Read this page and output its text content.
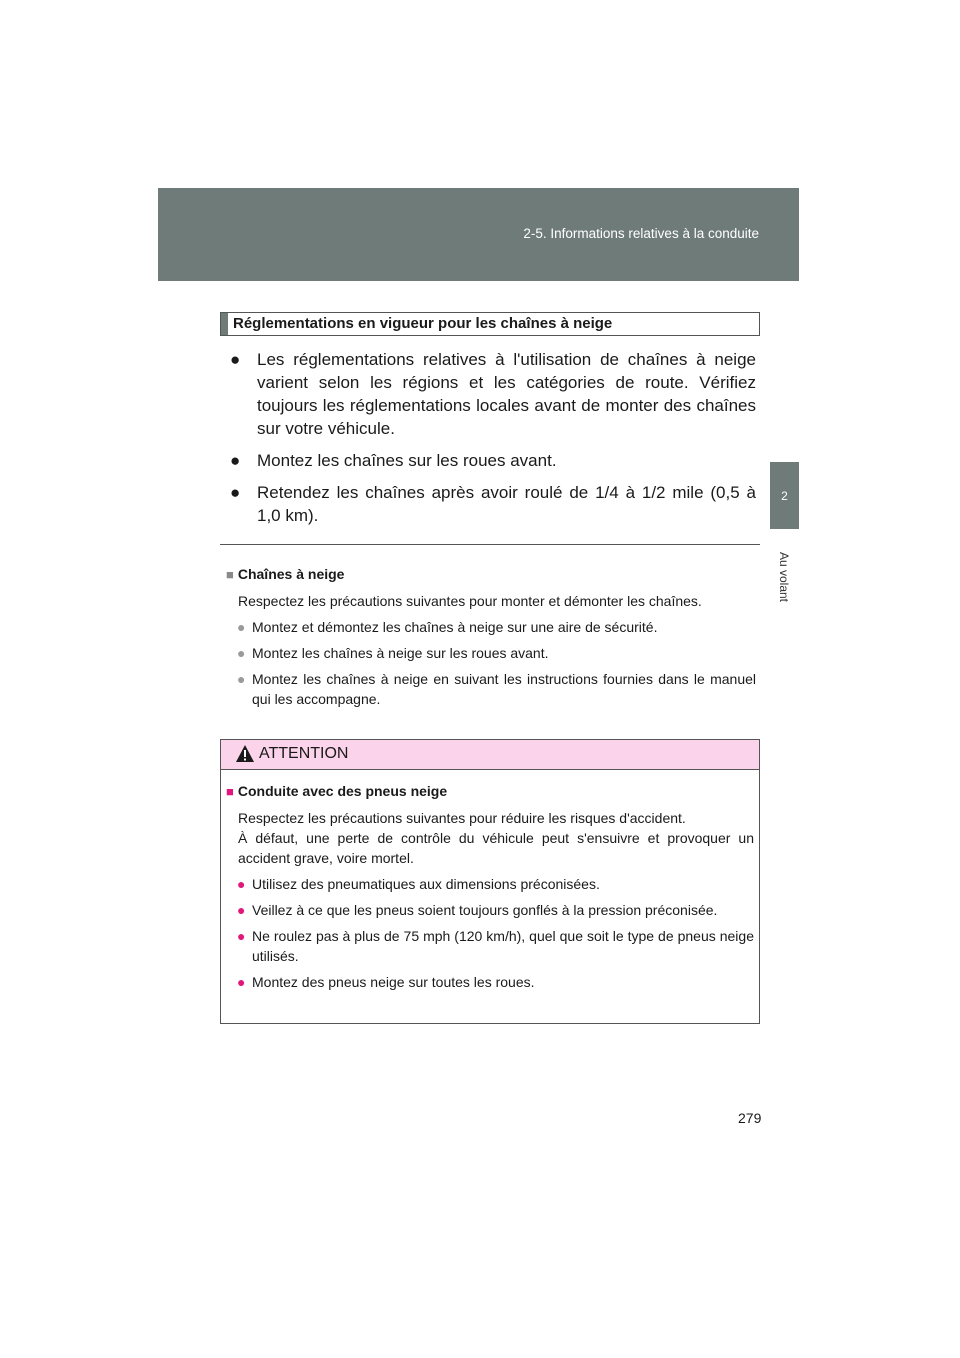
2-5. Informations relatives à la conduite
2
Au volant
Réglementations en vigueur pour les chaînes à neige
● Les réglementations relatives à l'utilisation de chaînes à neige varient selon les régions et les catégories de route. Vérifiez toujours les réglementations locales avant de monter des chaînes sur votre véhicule.
● Montez les chaînes sur les roues avant.
● Retendez les chaînes après avoir roulé de 1/4 à 1/2 mile (0,5 à 1,0 km).
■ Chaînes à neige
Respectez les précautions suivantes pour monter et démonter les chaînes.
● Montez et démontez les chaînes à neige sur une aire de sécurité.
● Montez les chaînes à neige sur les roues avant.
● Montez les chaînes à neige en suivant les instructions fournies dans le manuel qui les accompagne.
ATTENTION
■ Conduite avec des pneus neige
Respectez les précautions suivantes pour réduire les risques d'accident.
À défaut, une perte de contrôle du véhicule peut s'ensuivre et provoquer un accident grave, voire mortel.
● Utilisez des pneumatiques aux dimensions préconisées.
● Veillez à ce que les pneus soient toujours gonflés à la pression préconisée.
● Ne roulez pas à plus de 75 mph (120 km/h), quel que soit le type de pneus neige utilisés.
● Montez des pneus neige sur toutes les roues.
279
